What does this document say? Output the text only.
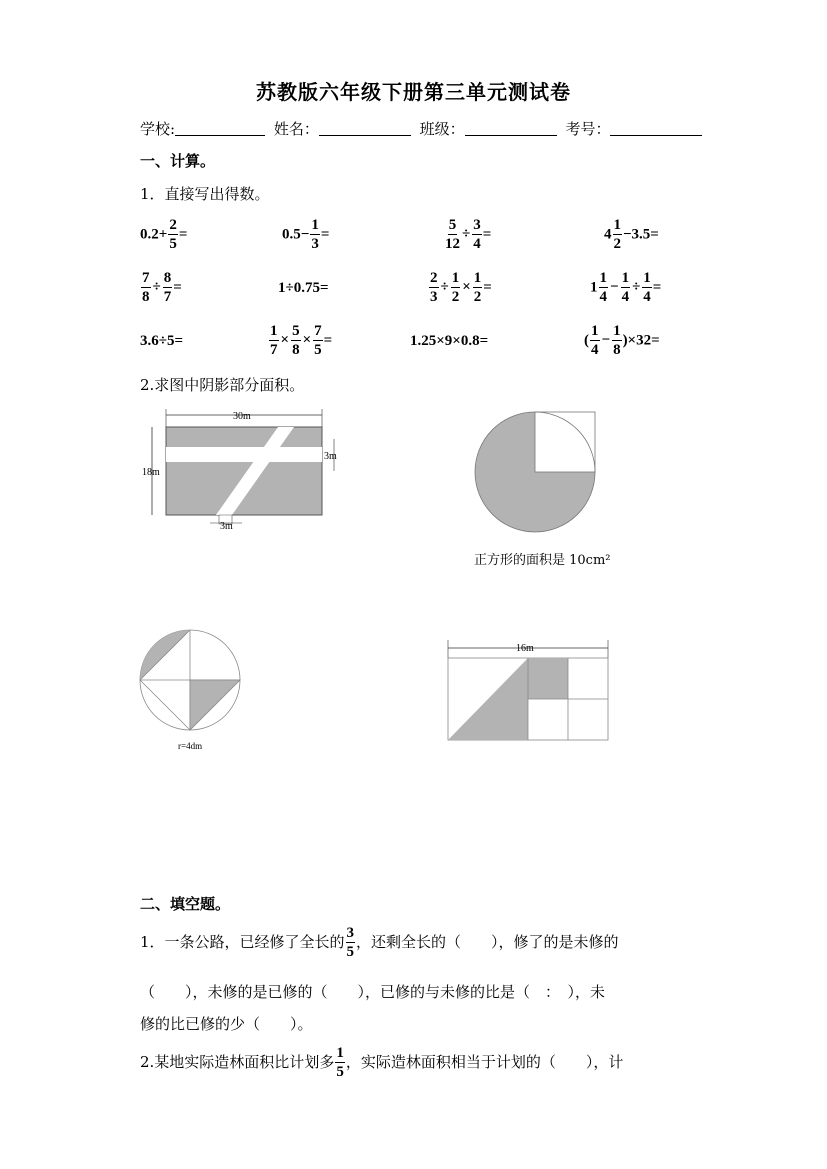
苏教版六年级下册第三单元测试卷
学校:	姓名：	班级：	考号：
一、计算。
1．直接写出得数。
$0.2+ \frac{2}{5}$ =	$0.5- \frac{1}{3}$ =	$\frac{5}{12} \div \frac{3}{4}$ =	$4 \frac{1}{2} -3.5=$
$\frac{7}{8} \div \frac{8}{7}$ =	1÷0.75=	$\frac{2}{3} \div \frac{1}{2} \times \frac{1}{2}$ =	$1 \frac{1}{4} - \frac{1}{4} \div \frac{1}{4}$ =
3.6÷5=	$\frac{1}{7} \times \frac{5}{8} \times \frac{7}{5}$ =	1.25×9×0.8=	( $\frac{1}{4} - \frac{1}{8} )\times 32=$
2.求图中阴影部分面积。
30m
18m
3m
3m
正方形的面积是 10cm²
r=4dm
16m
二、填空题。
1．一条公路，已经修了全长的 $\frac{3}{5}$ ，还剩全长的（　　），修了的是未修的
（　　），未修的是已修的（　　），已修的与未修的比是（　：　），未
修的比已修的少（　　）。
2.某地实际造林面积比计划多 $\frac{1}{5}$ ，实际造林面积相当于计划的（　　），计
